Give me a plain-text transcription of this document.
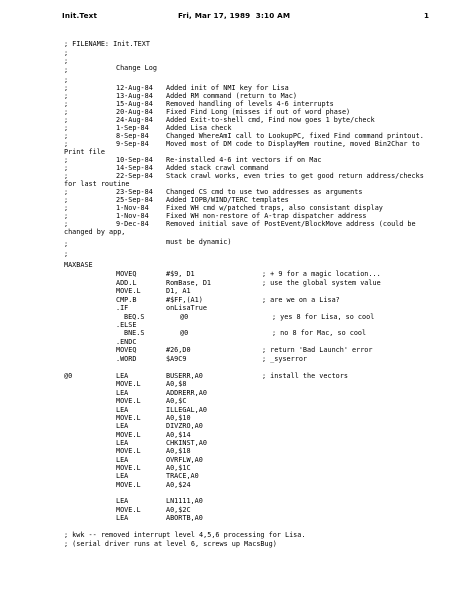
Init.Text	Fri, Mar 17, 1989  3:10 AM	1
; FILENAME: Init.TEXT
;
;
;	Change Log
;
;	12-Aug-84 Added init of NMI key for Lisa
;	13-Aug-84 Added RM command (return to Mac)
;	15-Aug-84 Removed handling of levels 4-6 interrupts
;	20-Aug-84 Fixed Find Long (misses if out of word phase)
;	24-Aug-84 Added Exit-to-shell cmd, Find now goes 1 byte/check
;	1-Sep-84	Added Lisa check
;	8-Sep-84	Changed WhereAmI call to LookupPC, fixed Find command printout.
;	9-Sep-84	Moved most of DM code to DisplayMem routine, moved Bin2Char to
Print file
;	10-Sep-84 Re-installed 4-6 int vectors if on Mac
;	14-Sep-84 Added stack crawl command
;	22-Sep-84 Stack crawl works, even tries to get good return address/checks
for last routine
;	23-Sep-84 Changed CS cmd to use two addresses as arguments
;	25-Sep-84 Added IOPB/WIND/TERC templates
;	1-Nov-84	Fixed WH cmd w/patched traps, also consistant display
;	1-Nov-84	Fixed WH non-restore of A-trap dispatcher address
;	9-Dec-84	Removed initial save of PostEvent/BlockMove address (could be
changed by app,
;	must be dynamic)
;
MAXBASE
MOVEQ	#$9, D1	; + 9 for a magic location...
ADD.L	RomBase, D1	; use the global system value
MOVE.L	D1, A1
CMP.B	#$FF,(A1)	; are we on a Lisa?
.IF	onLisaTrue
BEQ.S	@0	; yes 8 for Lisa, so cool
.ELSE
BNE.S	@0	; no 8 for Mac, so cool
.ENDC
MOVEQ	#26,D0	; return 'Bad Launch' error
.WORD	$A9C9	; _syserror
@0	LEA	BUSERR,A0	; install the vectors
MOVE.L	A0,$8
LEA	ADDRERR,A0
MOVE.L	A0,$C
LEA	ILLEGAL,A0
MOVE.L	A0,$10
LEA	DIVZRO,A0
MOVE.L	A0,$14
LEA	CHKINST,A0
MOVE.L	A0,$18
LEA	OVRFLW,A0
MOVE.L	A0,$1C
LEA	TRACE,A0
MOVE.L	A0,$24
LEA	LN1111,A0
MOVE.L	A0,$2C
LEA	ABORTB,A0
; kwk -- removed interrupt level 4,5,6 processing for Lisa.
; (serial driver runs at level 6, screws up MacsBug)
